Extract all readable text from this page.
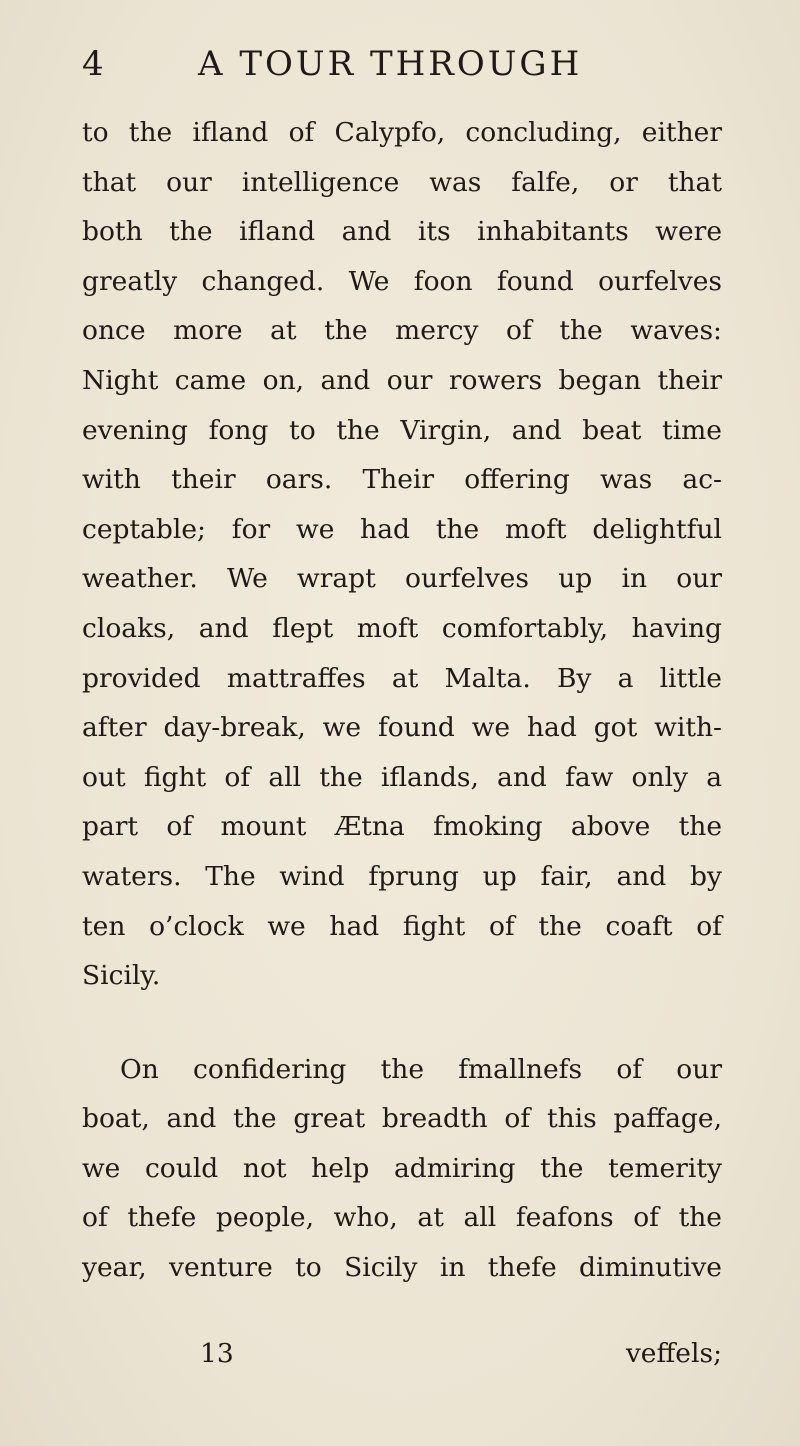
4	A TOUR THROUGH
to the ifland of Calypfo, concluding, either
that our intelligence was falfe, or that
both the ifland and its inhabitants were
greatly changed. We foon found ourfelves
once more at the mercy of the waves:
Night came on, and our rowers began their
evening fong to the Virgin, and beat time
with their oars. Their offering was ac-
ceptable; for we had the moft delightful
weather. We wrapt ourfelves up in our
cloaks, and flept moft comfortably, having
provided mattraffes at Malta. By a little
after day-break, we found we had got with-
out fight of all the iflands, and faw only a
part of mount Ætna fmoking above the
waters. The wind fprung up fair, and by
ten o’clock we had fight of the coaft of
Sicily.
On confidering the fmallnefs of our
boat, and the great breadth of this paffage,
we could not help admiring the temerity
of thefe people, who, at all feafons of the
year, venture to Sicily in thefe diminutive
13	veffels;
